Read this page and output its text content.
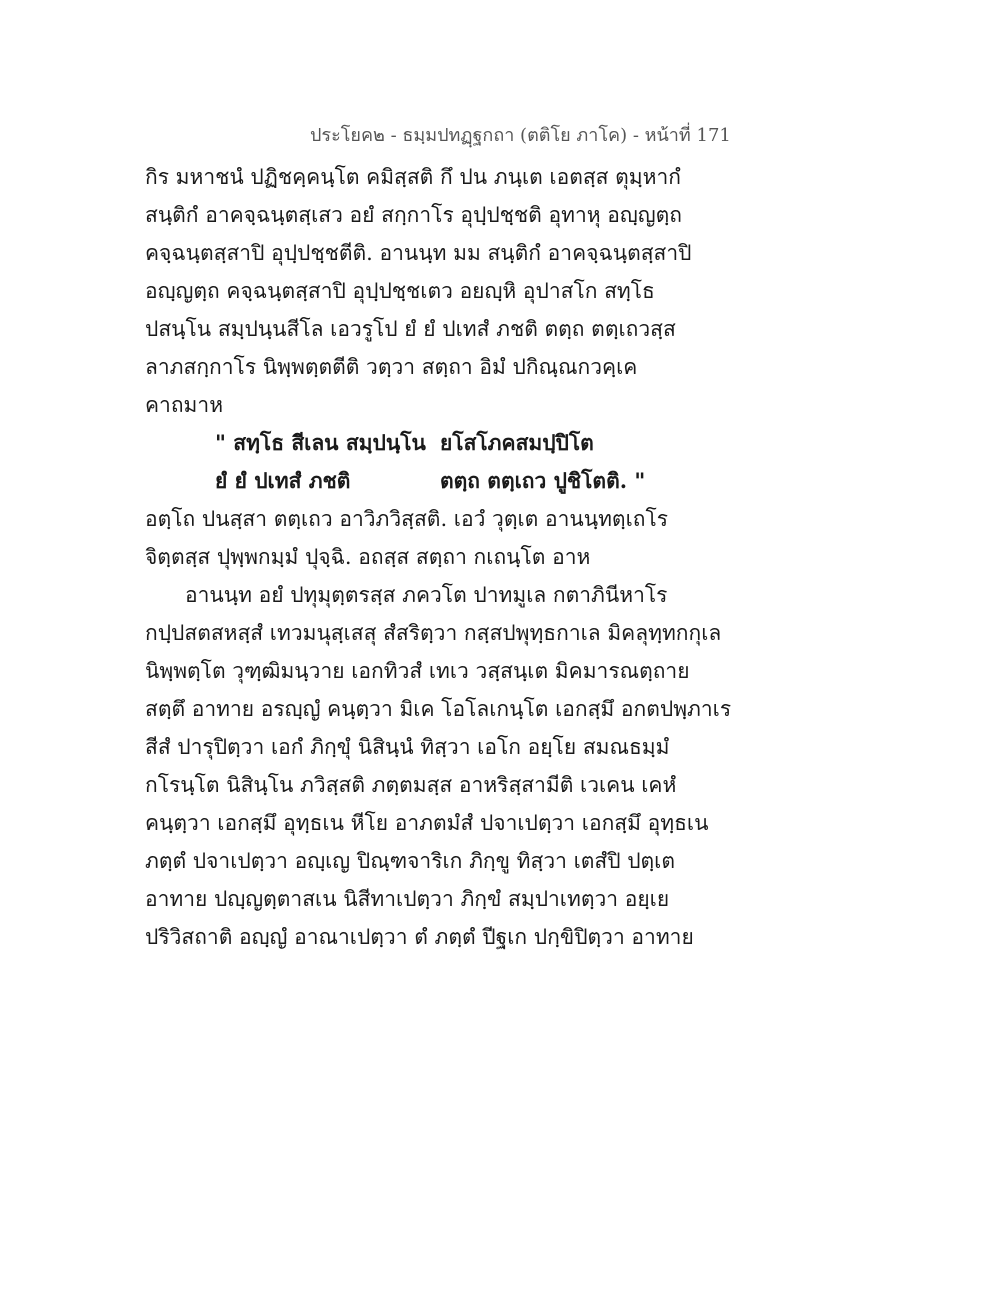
ประโยค๒ - ธมฺมปทฏฺฐกถา (ตติโย ภาโค) - หน้าที่ 171
กิร มหาชนํ ปฏิชคฺคนฺโต คมิสฺสติ กึ ปน ภนฺเต เอตสฺส ตุมฺหากํ
สนฺติกํ อาคจฺฉนฺตสฺเสว อยํ สกฺกาโร อุปฺปชฺชติ อุทาหุ อญฺญตฺถ
คจฺฉนฺตสฺสาปิ อุปฺปชฺชตีติ. อานนฺท มม สนฺติกํ อาคจฺฉนฺตสฺสาปิ
อญฺญตฺถ คจฺฉนฺตสฺสาปิ อุปฺปชฺชเตว อยญฺหิ อุปาสโก สทฺโธ
ปสนฺโน สมฺปนฺนสีโล เอวรูโป ยํ ยํ ปเทสํ ภชติ ตตฺถ ตตฺเถวสฺส
ลาภสกฺกาโร นิพฺพตฺตตีติ วตฺวา สตฺถา อิมํ ปกิณฺณกวคฺเค
คาถมาห
" สทฺโธ สีเลน สมฺปนฺโน ยโสโภคสมปฺปิโต
ยํ ยํ ปเทสํ ภชติ	ตตฺถ ตตฺเถว ปูชิโตติ. "
อตฺโถ ปนสฺสา ตตฺเถว อาวิภวิสฺสติ. เอวํ วุตฺเต อานนฺทตฺเถโร
จิตฺตสฺส ปุพฺพกมฺมํ ปุจฺฉิ. อถสฺส สตฺถา กเถนฺโต อาห
อานนฺท อยํ ปทุมุตฺตรสฺส ภควโต ปาทมูเล กตาภินีหาโร
กปฺปสตสหสฺสํ เทวมนุสฺเสสุ สํสริตฺวา กสฺสปพุทฺธกาเล มิคลุทฺทกกุเล
นิพฺพตฺโต วุฑฺฒิมนฺวาย เอกทิวสํ เทเว วสฺสนฺเต มิคมารณตฺถาย
สตฺตึ อาทาย อรญฺญํ คนฺตฺวา มิเค โอโลเกนฺโต เอกสฺมึ อกตปพฺภาเร
สีสํ ปารุปิตฺวา เอกํ ภิกฺขุํ นิสินฺนํ ทิสฺวา เอโก อยฺโย สมณธมฺมํ
กโรนฺโต นิสินฺโน ภวิสฺสติ ภตฺตมสฺส อาหริสฺสามีติ เวเคน เคหํ
คนฺตฺวา เอกสฺมึ อุทฺธเน หีโย อาภตมํสํ ปจาเปตฺวา เอกสฺมึ อุทฺธเน
ภตฺตํ ปจาเปตฺวา อญฺเญ ปิณฺฑจาริเก ภิกฺขู ทิสฺวา เตสํปิ ปตฺเต
อาทาย ปญฺญตฺตาสเน นิสีทาเปตฺวา ภิกฺขํ สมฺปาเทตฺวา อยฺเย
ปริวิสถาติ อญฺญํ อาณาเปตฺวา ตํ ภตฺตํ ปีฐเก ปกฺขิปิตฺวา อาทาย
